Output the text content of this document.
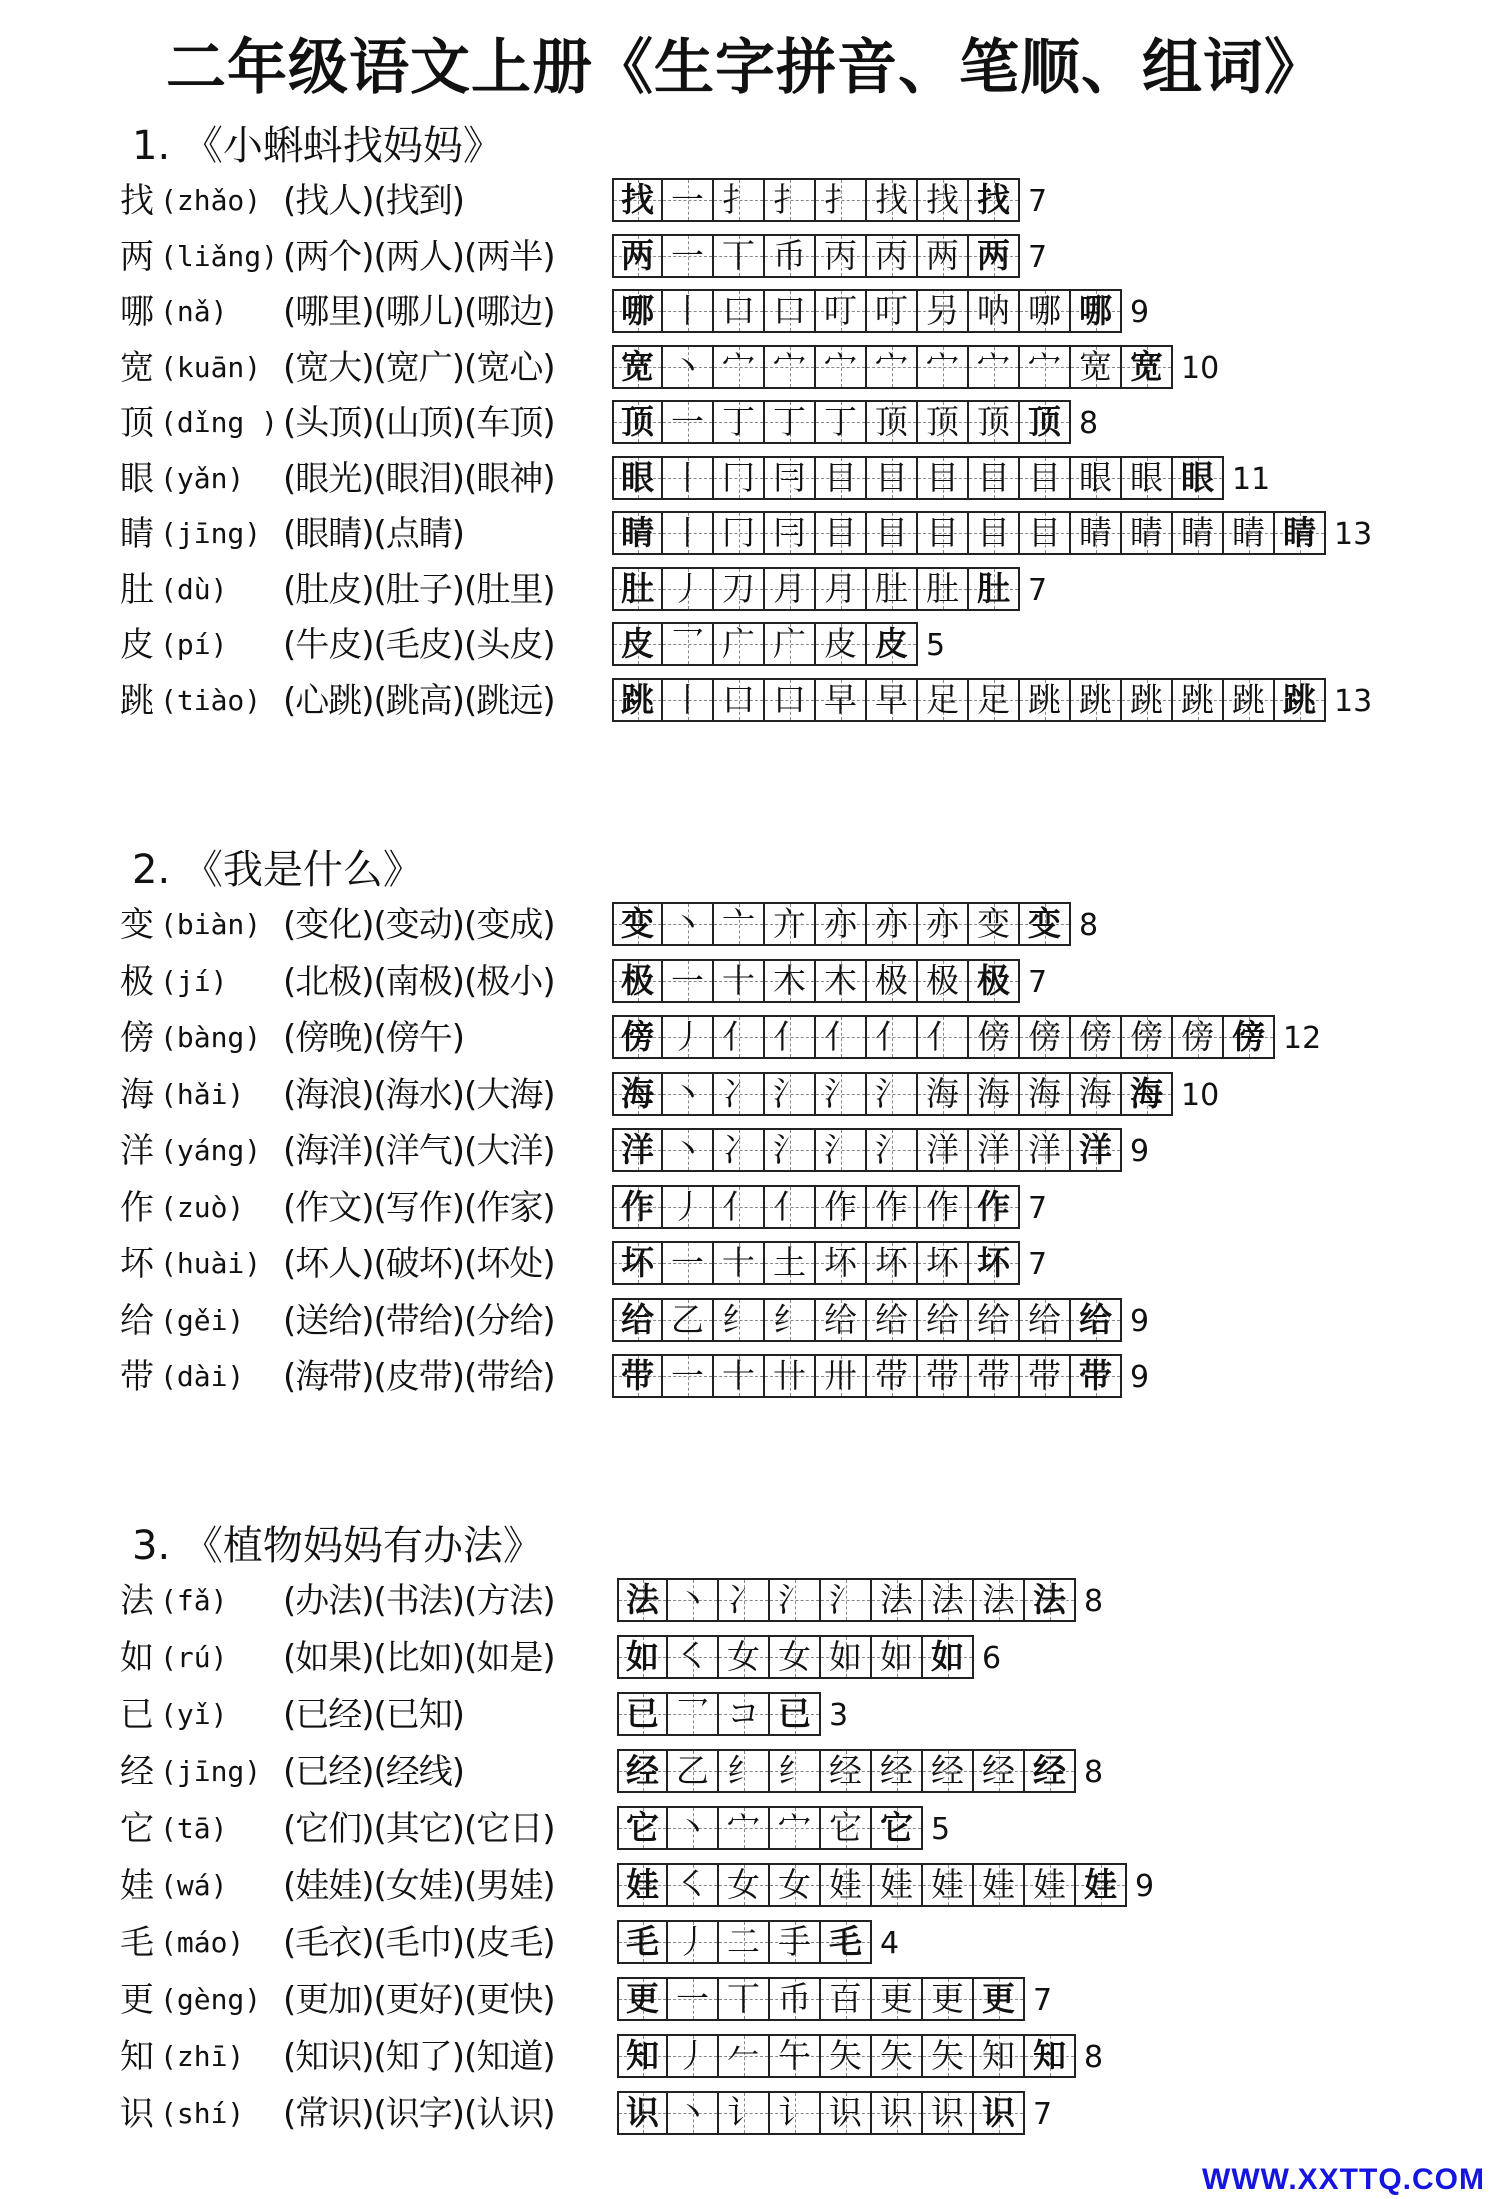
二年级语文上册《生字拼音、笔顺、组词》
WWW.XXTTQ.COM
1. 《小蝌蚪找妈妈》
找 (zhǎo) (找人)(找到)	找 一 扌 扌 扌 找 找 找 7
两 (liǎng) (两个)(两人)(两半) 两 一 丅 币 丙 丙 两 两 7
哪 (nǎ) (哪里)(哪儿)(哪边) 哪 丨 口 口 叮 叮 叧 呐 哪 哪 9
宽 (kuān) (宽大)(宽广)(宽心) 宽 丶 宀 宀 宀 宀 宀 宀 宀 宽 宽 10
顶 (dǐng ) (头顶)(山顶)(车顶) 顶 一 丁 丁 丁 顶 顶 顶 顶 8
眼 (yǎn) (眼光)(眼泪)(眼神) 眼 丨 冂 冃 目 目 目 目 目 眼 眼 眼 11
睛 (jīng) (眼睛)(点睛)	睛 丨 冂 冃 目 目 目 目 目 睛 睛 睛 睛 睛 13
肚 (dù) (肚皮)(肚子)(肚里) 肚 丿 刀 月 月 肚 肚 肚 7
皮 (pí) (牛皮)(毛皮)(头皮) 皮 乛 广 广 皮 皮 5
跳 (tiào) (心跳)(跳高)(跳远) 跳 丨 口 口 早 早 足 足 跳 跳 跳 跳 跳 跳 13
2. 《我是什么》
变 (biàn) (变化)(变动)(变成) 变 丶 亠 亣 亦 亦 亦 变 变 8
极 (jí) (北极)(南极)(极小) 极 一 十 木 木 极 极 极 7
傍 (bàng) (傍晚)(傍午)	傍 丿 亻 亻 亻 亻 亻 傍 傍 傍 傍 傍 傍 12
海 (hǎi) (海浪)(海水)(大海) 海 丶 冫 氵 氵 氵 海 海 海 海 海 10
洋 (yáng) (海洋)(洋气)(大洋) 洋 丶 冫 氵 氵 氵 洋 洋 洋 洋 9
作 (zuò) (作文)(写作)(作家) 作 丿 亻 亻 作 作 作 作 7
坏 (huài) (坏人)(破坏)(坏处) 坏 一 十 土 坏 坏 坏 坏 7
给 (gěi) (送给)(带给)(分给) 给 乙 纟 纟 给 给 给 给 给 给 9
带 (dài) (海带)(皮带)(带给) 带 一 十 卄 卅 带 带 带 带 带 9
3. 《植物妈妈有办法》
法 (fǎ) (办法)(书法)(方法) 法 丶 冫 氵 氵 法 法 法 法 8
如 (rú) (如果)(比如)(如是) 如 ㇛ 女 女 如 如 如 6
已 (yǐ) (已经)(已知)	已 乛 コ 已 3
经 (jīng) (已经)(经线)	经 乙 纟 纟 经 经 经 经 经 8
它 (tā) (它们)(其它)(它日) 它 丶 宀 宀 它 它 5
娃 (wá) (娃娃)(女娃)(男娃) 娃 ㇛ 女 女 娃 娃 娃 娃 娃 娃 9
毛 (máo) (毛衣)(毛巾)(皮毛) 毛 丿 二 手 毛 4
更 (gèng) (更加)(更好)(更快) 更 一 丅 币 百 更 更 更 7
知 (zhī) (知识)(知了)(知道) 知 丿 𠂉 午 矢 矢 矢 知 知 8
识 (shí) (常识)(识字)(认识) 识 丶 讠 讠 识 识 识 识 7
